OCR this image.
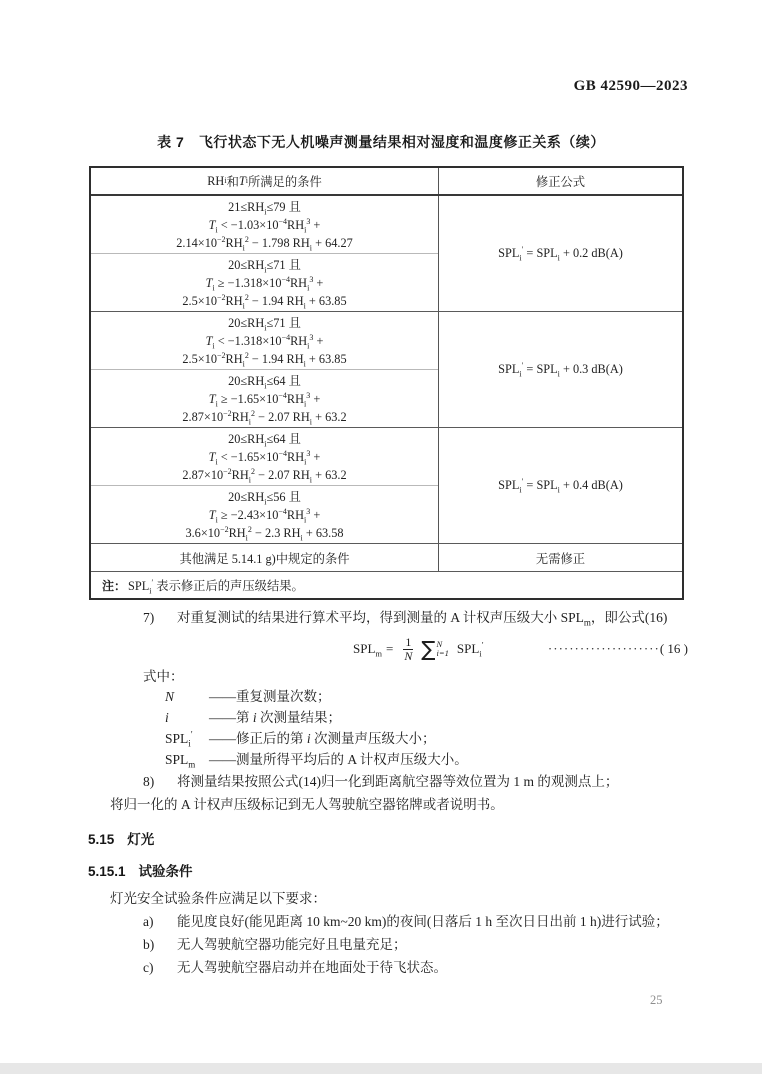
GB 42590—2023
表 7　飞行状态下无人机噪声测量结果相对湿度和温度修正关系（续）
RH i 和 T i 所满足的条件	修正公式
$21\le RH_i\le 79$ 且
$T_i < -1.03\times 10^{-4}RH_i^3$ +
$2.14\times 10^{-2}RH_i^2 - 1.798$ $RH_i + 64.27$
$20\le RH_i\le 71$ 且
$T_i \ge -1.318\times 10^{-4}RH_i^3$ +
$2.5\times 10^{-2}RH_i^2 - 1.94$ $RH_i + 63.85$
$SPL_i' = SPL_i + 0.2$ dB(A)
$20\le RH_i\le 71$ 且
$T_i < -1.318\times 10^{-4}RH_i^3$ +
$2.5\times 10^{-2}RH_i^2 - 1.94$ $RH_i + 63.85$
$20\le RH_i\le 64$ 且
$T_i \ge -1.65\times 10^{-4}RH_i^3$ +
$2.87\times 10^{-2}RH_i^2 - 2.07$ $RH_i + 63.2$
$SPL_i' = SPL_i + 0.3$ dB(A)
$20\le RH_i\le 64$ 且
$T_i < -1.65\times 10^{-4}RH_i^3$ +
$2.87\times 10^{-2}RH_i^2 - 2.07$ $RH_i + 63.2$
$20\le RH_i\le 56$ 且
$T_i \ge -2.43\times 10^{-4}RH_i^3$ +
$3.6\times 10^{-2}RH_i^2 - 2.3$ $RH_i + 63.58$
$SPL_i' = SPL_i + 0.4$ dB(A)
其他满足 5.14.1 g)中规定的条件	无需修正
注： $SPL_i'$ 表示修正后的声压级结果。
7) 对重复测试的结果进行算术平均，得到测量的 A 计权声压级大小 $SPL_m$，即公式(16)
$SPL_m = \frac{1}{N}$ ∑ N
i=1 $SPL_i'$	····················· ( 16 )
式中：
N	——重复测量次数；
i	——第 i 次测量结果；
$SPL_i'$ ——修正后的第 i 次测量声压级大小；
$SPL_m$ ——测量所得平均后的 A 计权声压级大小。
8) 将测量结果按照公式(14)归一化到距离航空器等效位置为 1 m 的观测点上；
将归一化的 A 计权声压级标记到无人驾驶航空器铭牌或者说明书。
5.15 灯光
5.15.1 试验条件
灯光安全试验条件应满足以下要求：
a) 能见度良好(能见距离 10 km~20 km)的夜间(日落后 1 h 至次日日出前 1 h)进行试验；
b) 无人驾驶航空器功能完好且电量充足；
c) 无人驾驶航空器启动并在地面处于待飞状态。
25
